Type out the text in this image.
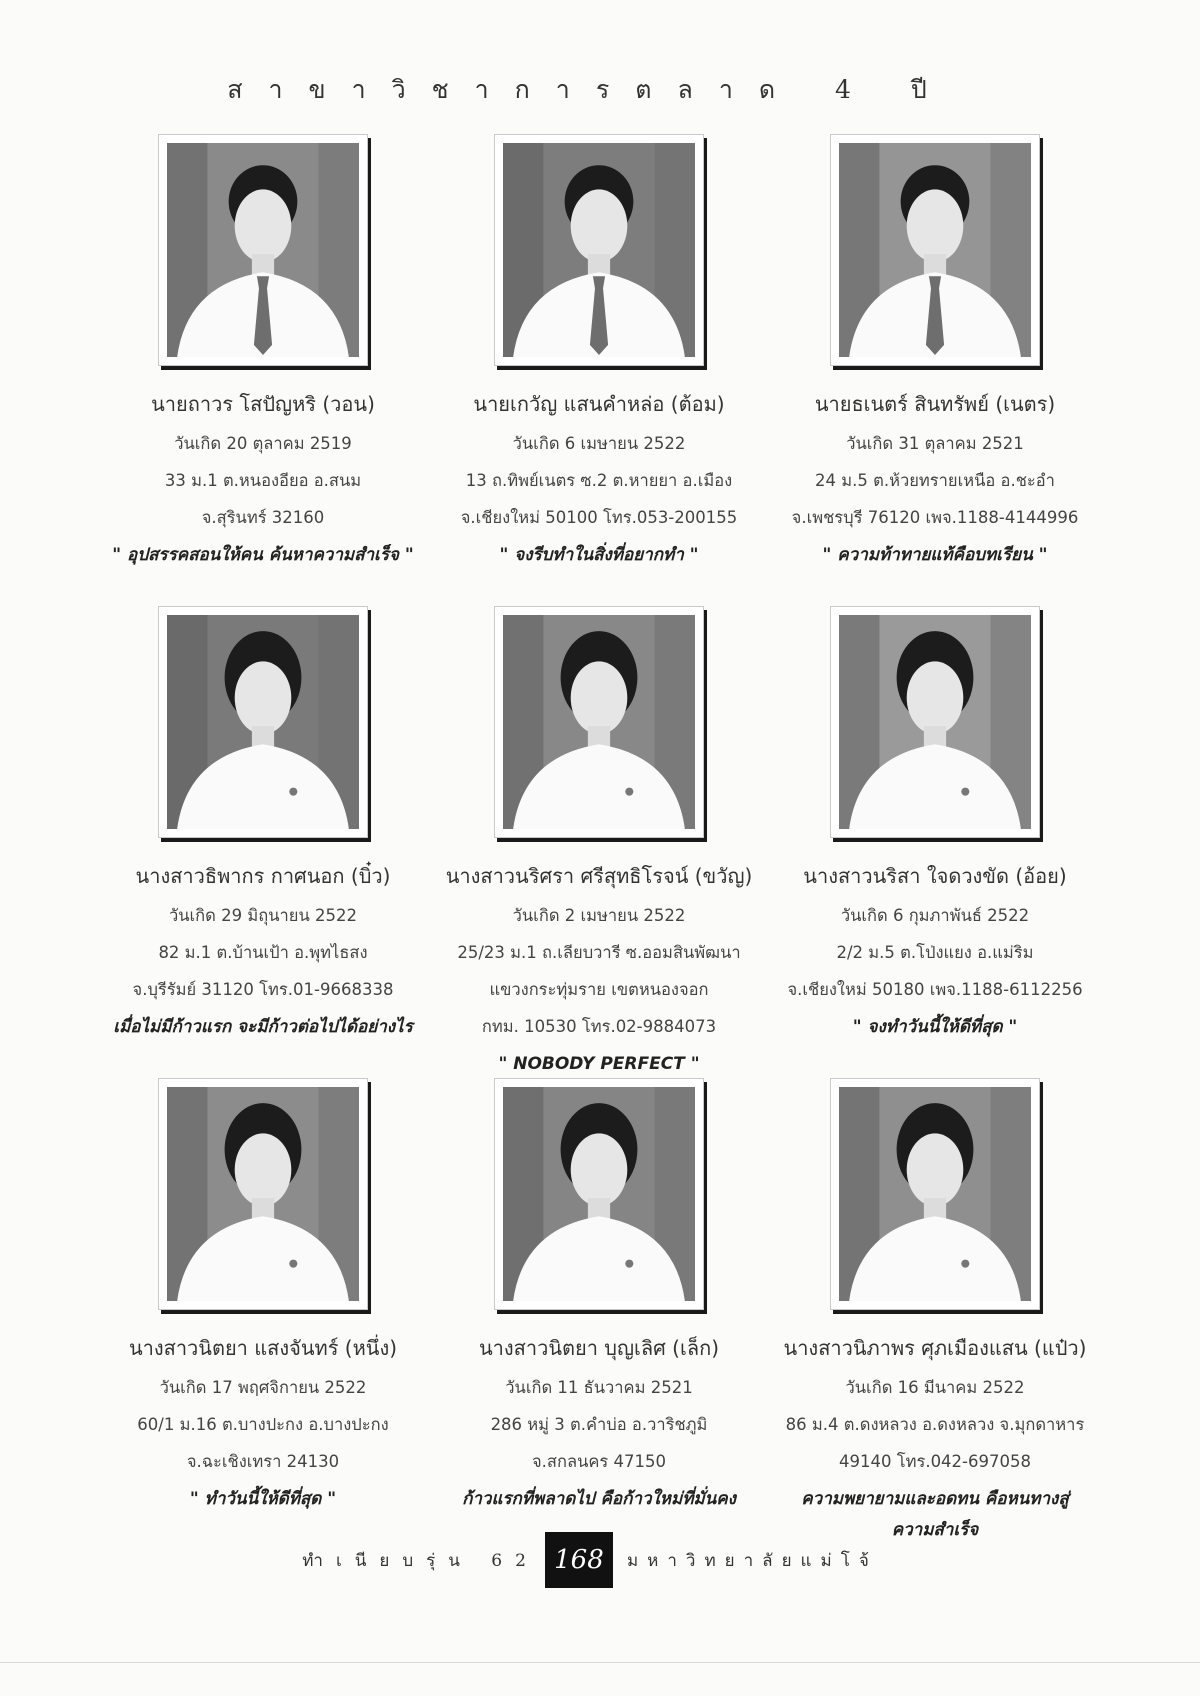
สาขาวิชาการตลาด 4 ปี
นายถาวร โสปัญหริ (วอน)
วันเกิด 20 ตุลาคม 2519
33 ม.1 ต.หนองอียอ อ.สนม
จ.สุรินทร์ 32160
" อุปสรรคสอนให้คน ค้นหาความสำเร็จ "
นายเกวัญ แสนคำหล่อ (ต้อม)
วันเกิด 6 เมษายน 2522
13 ถ.ทิพย์เนตร ซ.2 ต.หายยา อ.เมือง
จ.เชียงใหม่ 50100 โทร.053-200155
" จงรีบทำในสิ่งที่อยากทำ "
นายธเนตร์ สินทรัพย์ (เนตร)
วันเกิด 31 ตุลาคม 2521
24 ม.5 ต.ห้วยทรายเหนือ อ.ชะอำ
จ.เพชรบุรี 76120 เพจ.1188-4144996
" ความท้าทายแท้คือบทเรียน "
นางสาวธิพากร กาศนอก (บิ๋ว)
วันเกิด 29 มิถุนายน 2522
82 ม.1 ต.บ้านเป้า อ.พุทไธสง
จ.บุรีรัมย์ 31120 โทร.01-9668338
เมื่อไม่มีก้าวแรก จะมีก้าวต่อไปได้อย่างไร
นางสาวนริศรา ศรีสุทธิโรจน์ (ขวัญ)
วันเกิด 2 เมษายน 2522
25/23 ม.1 ถ.เลียบวารี ซ.ออมสินพัฒนา
แขวงกระทุ่มราย เขตหนองจอก
กทม. 10530 โทร.02-9884073
" NOBODY PERFECT "
นางสาวนริสา ใจดวงขัด (อ้อย)
วันเกิด 6 กุมภาพันธ์ 2522
2/2 ม.5 ต.โป่งแยง อ.แม่ริม
จ.เชียงใหม่ 50180 เพจ.1188-6112256
" จงทำวันนี้ให้ดีที่สุด "
นางสาวนิตยา แสงจันทร์ (หนึ่ง)
วันเกิด 17 พฤศจิกายน 2522
60/1 ม.16 ต.บางปะกง อ.บางปะกง
จ.ฉะเชิงเทรา 24130
" ทำวันนี้ให้ดีที่สุด "
นางสาวนิตยา บุญเลิศ (เล็ก)
วันเกิด 11 ธันวาคม 2521
286 หมู่ 3 ต.คำบ่อ อ.วาริชภูมิ
จ.สกลนคร 47150
ก้าวแรกที่พลาดไป คือก้าวใหม่ที่มั่นคง
นางสาวนิภาพร ศุภเมืองแสน (แป๋ว)
วันเกิด 16 มีนาคม 2522
86 ม.4 ต.ดงหลวง อ.ดงหลวง จ.มุกดาหาร
49140 โทร.042-697058
ความพยายามและอดทน คือหนทางสู่ความสำเร็จ
ทำเนียบรุ่น 62 168	มหาวิทยาลัยแม่โจ้
